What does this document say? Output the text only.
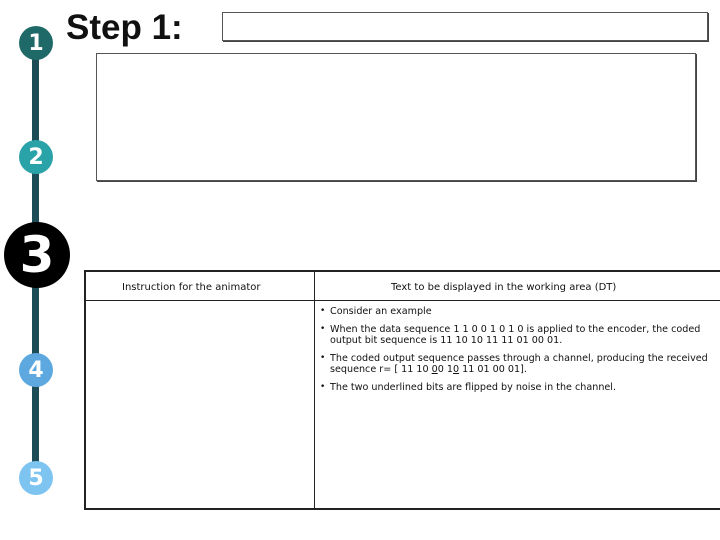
1
2
3
4
5
Step 1:
Instruction for the animator	Text to be displayed in the working area (DT)
• Consider an example
• When the data sequence 1 1 0 0 1 0 1 0 is applied to the encoder, the coded output bit sequence is 11 10 10 11 11 01 00 01.
• The coded output sequence passes through a channel, producing the received sequence r= [ 11 10 00 10 11 01 00 01].
• The two underlined bits are flipped by noise in the channel.
